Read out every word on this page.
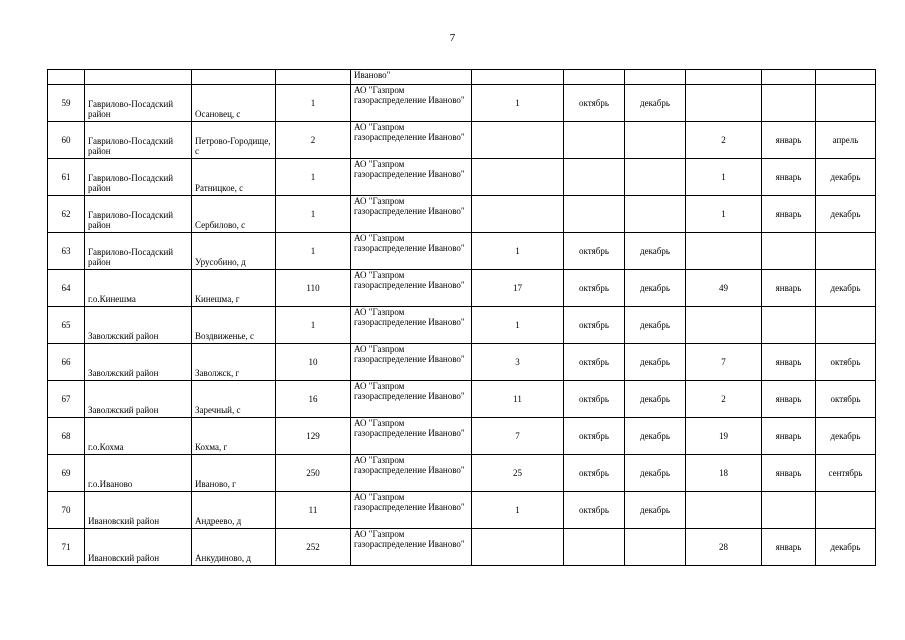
7
				Иваново"						
59	Гаврилово-Посадский район	Осановец, с	1	АО "Газпром газораспределение Иваново"	1	октябрь	декабрь			
60	Гаврилово-Посадский район	Петрово-Городище, с	2	АО "Газпром газораспределение Иваново"				2	январь	апрель
61	Гаврилово-Посадский район	Ратницкое, с	1	АО "Газпром газораспределение Иваново"				1	январь	декабрь
62	Гаврилово-Посадский район	Сербилово, с	1	АО "Газпром газораспределение Иваново"				1	январь	декабрь
63	Гаврилово-Посадский район	Урусобино, д	1	АО "Газпром газораспределение Иваново"	1	октябрь	декабрь			
64	г.о.Кинешма	Кинешма, г	110	АО "Газпром газораспределение Иваново"	17	октябрь	декабрь	49	январь	декабрь
65	Заволжский район	Воздвиженье, с	1	АО "Газпром газораспределение Иваново"	1	октябрь	декабрь			
66	Заволжский район	Заволжск, г	10	АО "Газпром газораспределение Иваново"	3	октябрь	декабрь	7	январь	октябрь
67	Заволжский район	Заречный, с	16	АО "Газпром газораспределение Иваново"	11	октябрь	декабрь	2	январь	октябрь
68	г.о.Кохма	Кохма, г	129	АО "Газпром газораспределение Иваново"	7	октябрь	декабрь	19	январь	декабрь
69	г.о.Иваново	Иваново, г	250	АО "Газпром газораспределение Иваново"	25	октябрь	декабрь	18	январь	сентябрь
70	Ивановский район	Андреево, д	11	АО "Газпром газораспределение Иваново"	1	октябрь	декабрь			
71	Ивановский район	Анкудиново, д	252	АО "Газпром газораспределение Иваново"				28	январь	декабрь
